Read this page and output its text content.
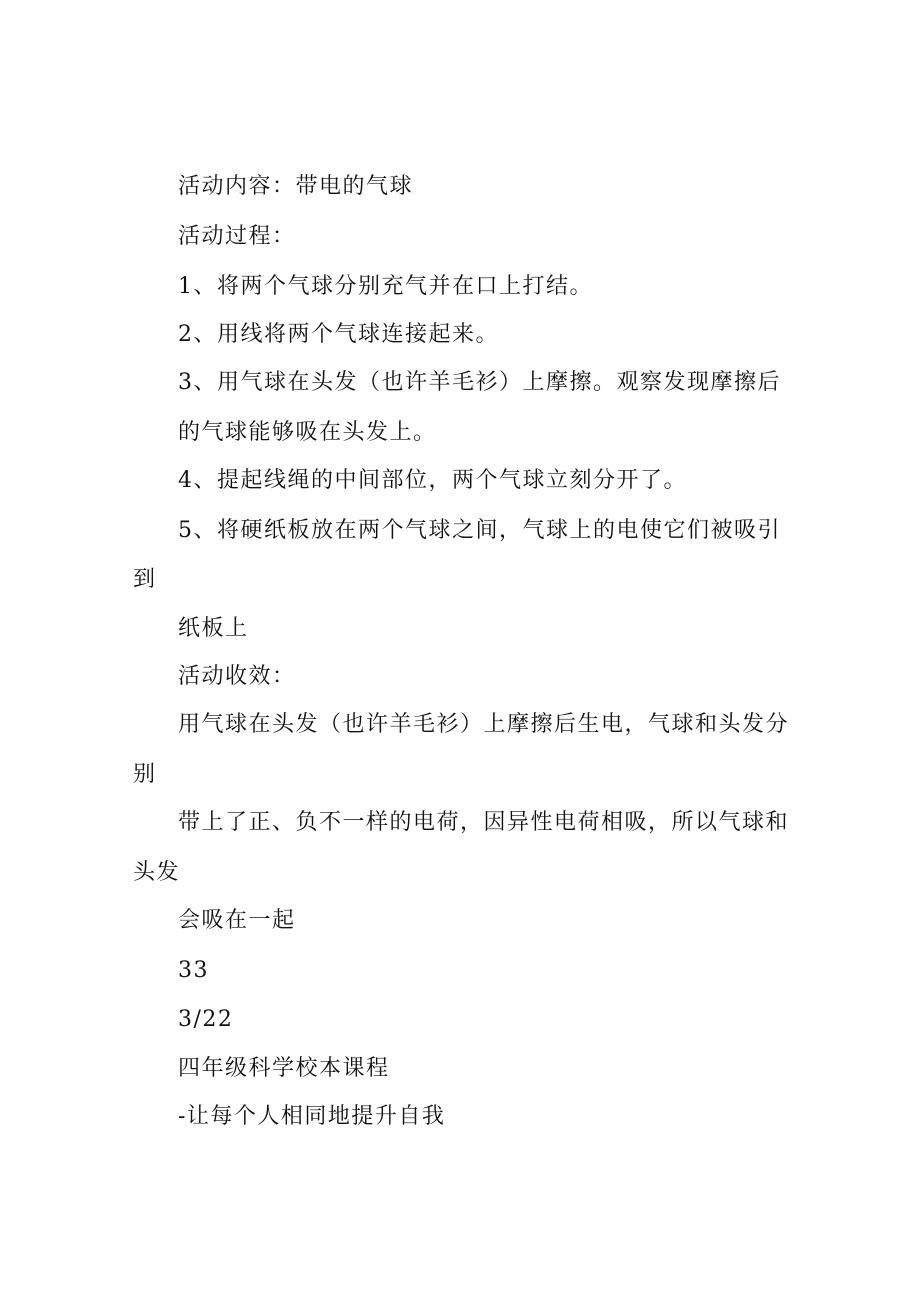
活动内容：带电的气球
活动过程：
1、将两个气球分别充气并在口上打结。
2、用线将两个气球连接起来。
3、用气球在头发（也许羊毛衫）上摩擦。观察发现摩擦后
的气球能够吸在头发上。
4、提起线绳的中间部位，两个气球立刻分开了。
5、将硬纸板放在两个气球之间，气球上的电使它们被吸引
到
纸板上
活动收效：
用气球在头发（也许羊毛衫）上摩擦后生电，气球和头发分
别
带上了正、负不一样的电荷，因异性电荷相吸，所以气球和
头发
会吸在一起
33
3/22
四年级科学校本课程
-让每个人相同地提升自我
